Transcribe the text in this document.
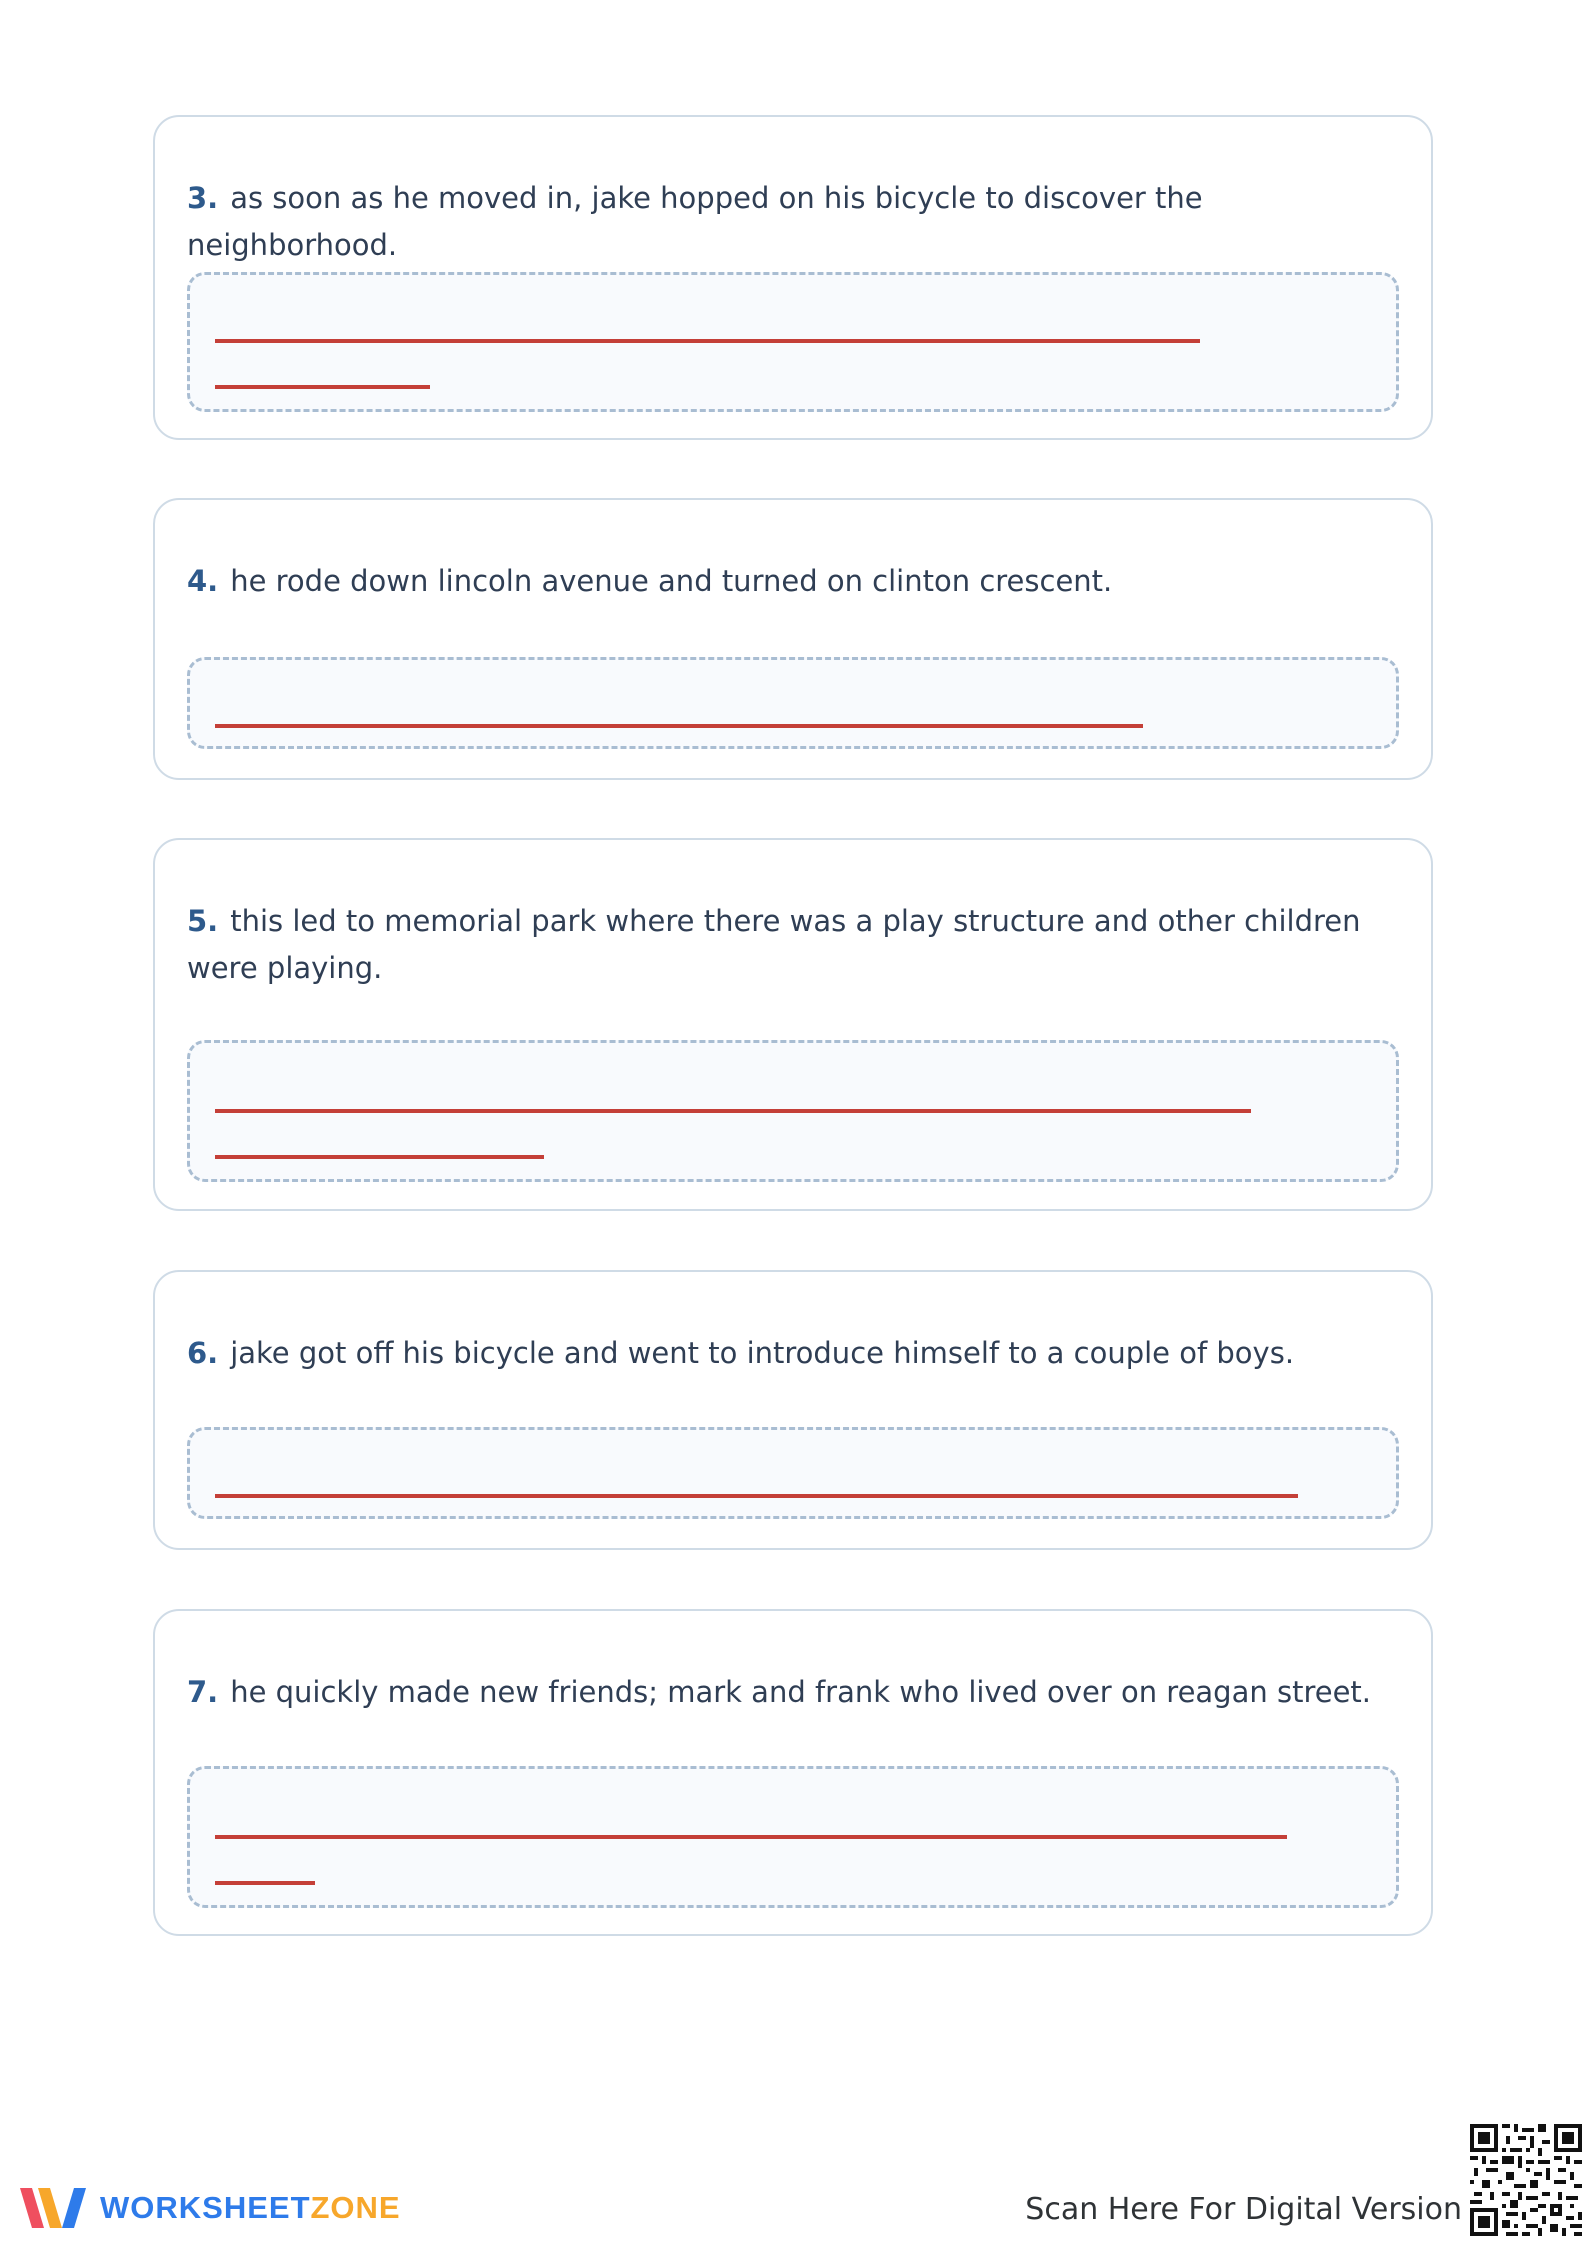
3. as soon as he moved in, jake hopped on his bicycle to discover the neighborhood.

4. he rode down lincoln avenue and turned on clinton crescent.

5. this led to memorial park where there was a play structure and other children were playing.

6. jake got off his bicycle and went to introduce himself to a couple of boys.

7. he quickly made new friends; mark and frank who lived over on reagan street.

WORKSHEETZONE	Scan Here For Digital Version
